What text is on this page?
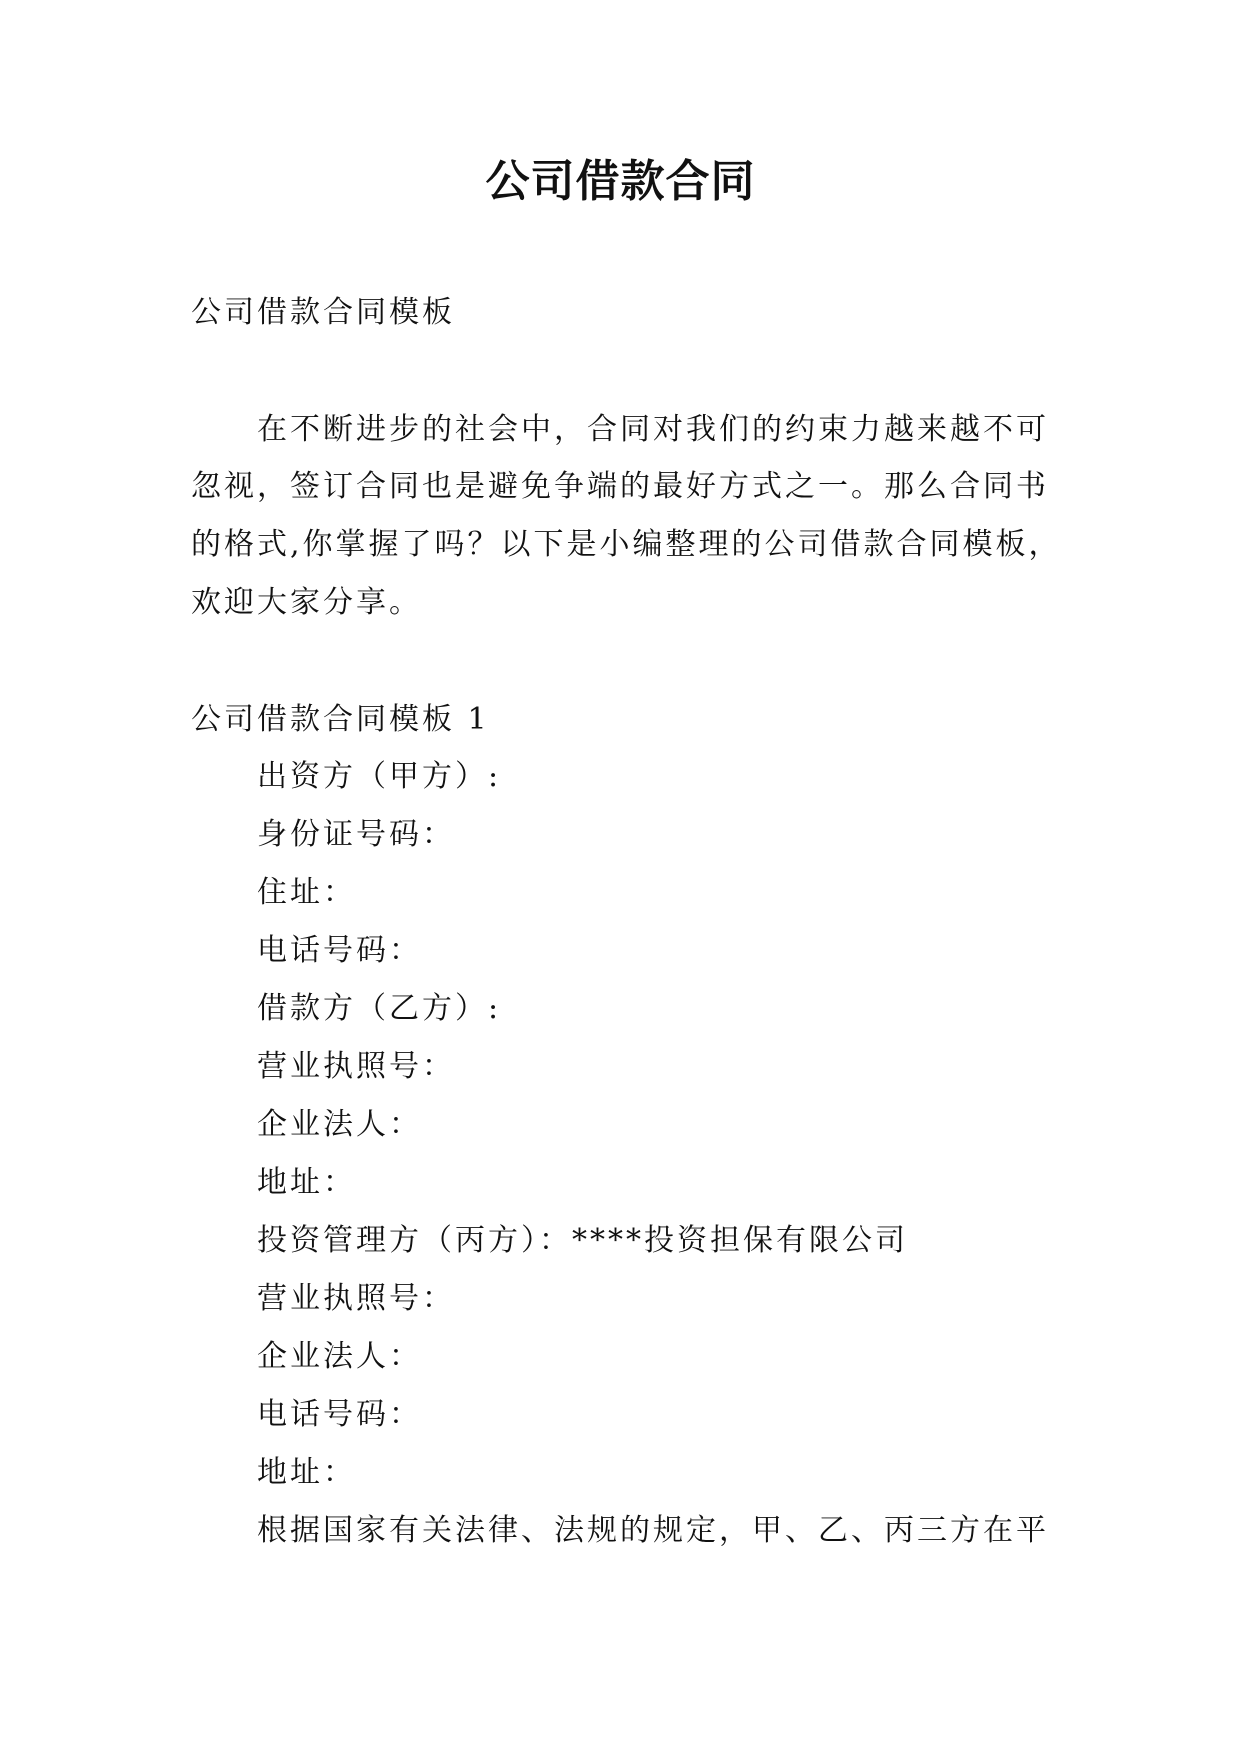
公司借款合同
公司借款合同模板
在不断进步的社会中，合同对我们的约束力越来越不可
忽视，签订合同也是避免争端的最好方式之一。那么合同书
的格式,你掌握了吗？以下是小编整理的公司借款合同模板，
欢迎大家分享。
公司借款合同模板 1
出资方（甲方）:
身份证号码：
住址：
电话号码：
借款方（乙方）:
营业执照号：
企业法人：
地址：
投资管理方（丙方）：****投资担保有限公司
营业执照号：
企业法人：
电话号码：
地址：
根据国家有关法律、法规的规定，甲、乙、丙三方在平
